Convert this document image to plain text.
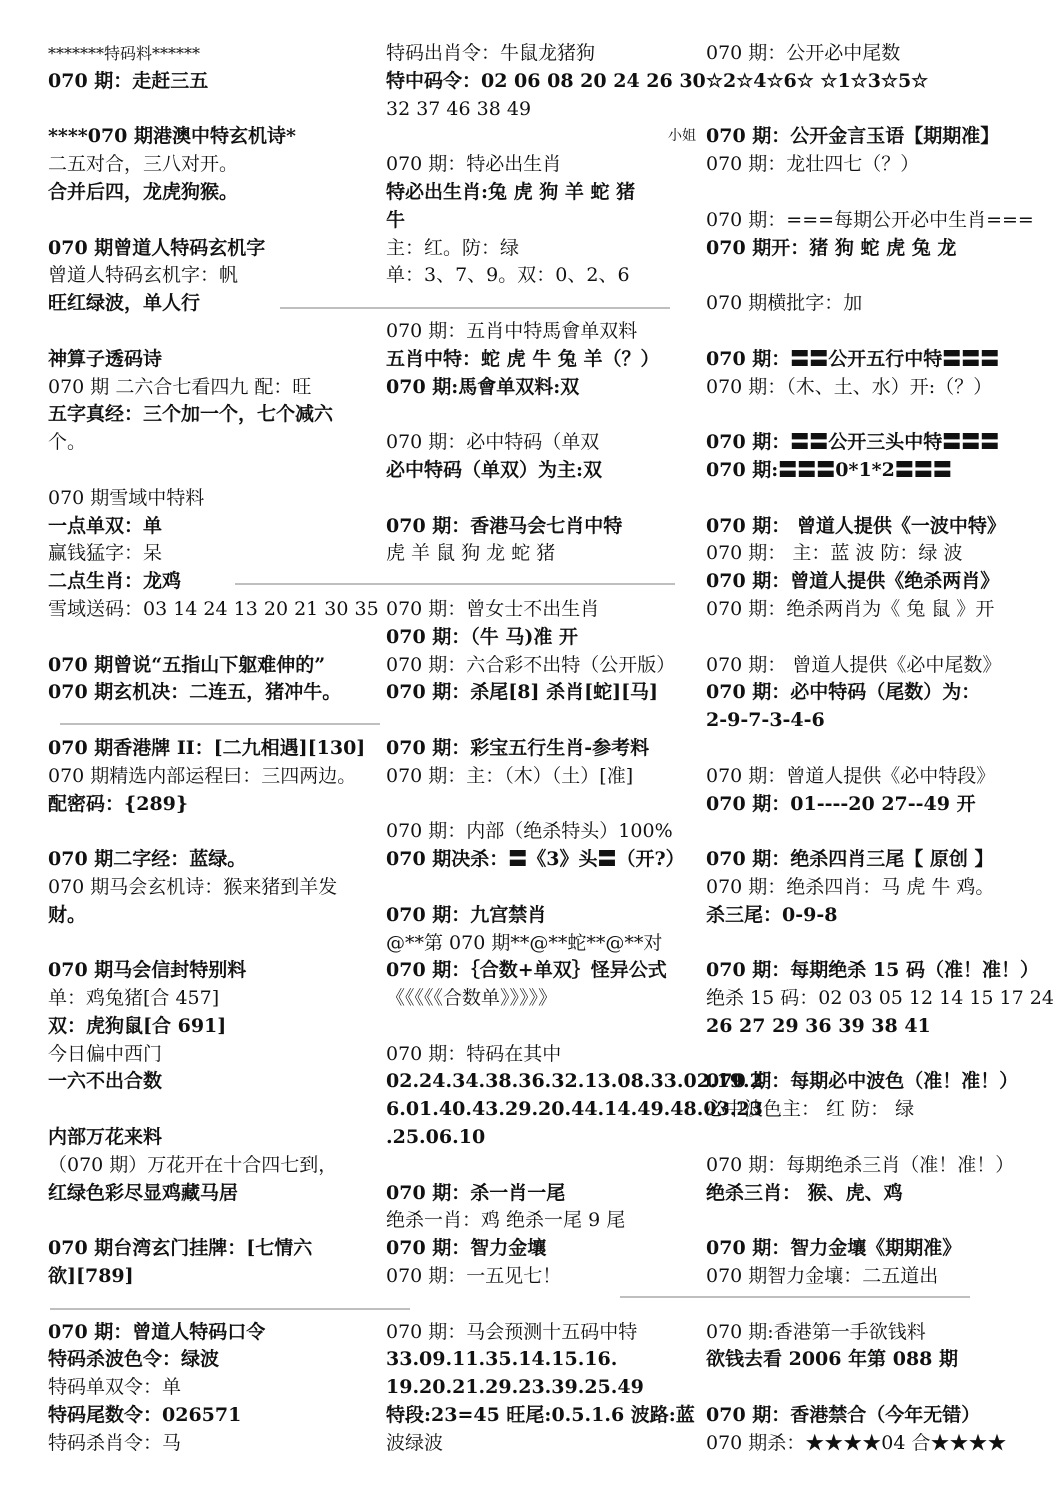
*******特码料******
070 期：走赶三五
****070 期港澳中特玄机诗*
二五对合，三八对开。
合并后四，龙虎狗猴。
070 期曾道人特码玄机字
曾道人特码玄机字：帆
旺红绿波，单人行
神算子透码诗
070 期 二六合七看四九 配：旺
五字真经：三个加一个，七个减六
个。
070 期雪域中特料
一点单双：单
赢钱猛字：呆
二点生肖：龙鸡
雪域送码：03 14 24 13 20 21 30 35
070 期曾说“五指山下躯难伸的”
070 期玄机决：二连五，猪冲牛。
070 期香港牌 II：[二九相遇][130]
070 期精选内部运程曰：三四两边。
配密码：{289}
070 期二字经：蓝绿。
070 期马会玄机诗：猴来猪到羊发
财。
070 期马会信封特别料
单：鸡兔猪[合 457]
双：虎狗鼠[合 691]
今日偏中西门
一六不出合数
内部万花来料
（070 期）万花开在十合四七到，
红绿色彩尽显鸡藏马居
070 期台湾玄门挂牌：[七情六
欲][789]
070 期：曾道人特码口令
特码杀波色令：绿波
特码单双令：单
特码尾数令：026571
特码杀肖令：马
特码出肖令：牛鼠龙猪狗
特中码令：02 06 08 20 24 26 30
32 37 46 38 49
小姐
070 期：特必出生肖
特必出生肖:兔 虎 狗 羊 蛇 猪
牛
主：红。防：绿
单：3、7、9。双：0、2、6
070 期：五肖中特馬會单双料
五肖中特：蛇 虎 牛 兔 羊（？）
070 期:馬會单双料:双
070 期：必中特码（单双
必中特码（单双）为主:双
070 期：香港马会七肖中特
虎 羊 鼠 狗 龙 蛇 猪
070 期：曾女士不出生肖
070 期：（牛 马)准 开
070 期：六合彩不出特（公开版）
070 期：杀尾[8] 杀肖[蛇][马]
070 期：彩宝五行生肖-参考料
070 期：主：（木）（土）[准]
070 期：内部（绝杀特头）100%
070 期决杀：〓《3》头〓（开?）
070 期：九宫禁肖
@**第 070 期**@**蛇**@**对
070 期：｛合数+单双｝怪异公式
《《《《《合数单》》》》》
070 期：特码在其中
02.24.34.38.36.32.13.08.33.02.19.2
6.01.40.43.29.20.44.14.49.48.03.23
.25.06.10
070 期：杀一肖一尾
绝杀一肖：鸡 绝杀一尾 9 尾
070 期：智力金壤
070 期：一五见七！
070 期：马会预测十五码中特
33.09.11.35.14.15.16.
19.20.21.29.23.39.25.49
特段:23=45 旺尾:0.5.1.6 波路:蓝
波绿波
070 期：公开必中尾数
☆2☆4☆6☆ ☆1☆3☆5☆
070 期：公开金言玉语【期期准】
070 期：龙壮四七（？）
070 期：===每期公开必中生肖===
070 期开：猪 狗 蛇 虎 兔 龙
070 期横批字：加
070 期：〓〓公开五行中特〓〓〓
070 期：（木、土、水）开:（？）
070 期：〓〓公开三头中特〓〓〓
070 期:〓〓〓0*1*2〓〓〓
070 期： 曾道人提供《一波中特》
070 期： 主：蓝 波 防：绿 波
070 期：曾道人提供《绝杀两肖》
070 期：绝杀两肖为《 兔 鼠 》开
070 期： 曾道人提供《必中尾数》
070 期：必中特码（尾数）为：
2-9-7-3-4-6
070 期：曾道人提供《必中特段》
070 期：01----20 27--49 开
070 期：绝杀四肖三尾【 原创 】
070 期：绝杀四肖：马 虎 牛 鸡。
杀三尾：0-9-8
070 期：每期绝杀 15 码（准！准！）
绝杀 15 码：02 03 05 12 14 15 17 24
26 27 29 36 39 38 41
070 期：每期必中波色（准！准！）
必中波色主： 红 防： 绿
070 期：每期绝杀三肖（准！准！）
绝杀三肖： 猴、虎、鸡
070 期：智力金壤《期期准》
070 期智力金壤：二五道出
070 期:香港第一手欲钱料
欲钱去看 2006 年第 088 期
070 期：香港禁合（今年无错）
070 期杀：★★★★04 合★★★★
